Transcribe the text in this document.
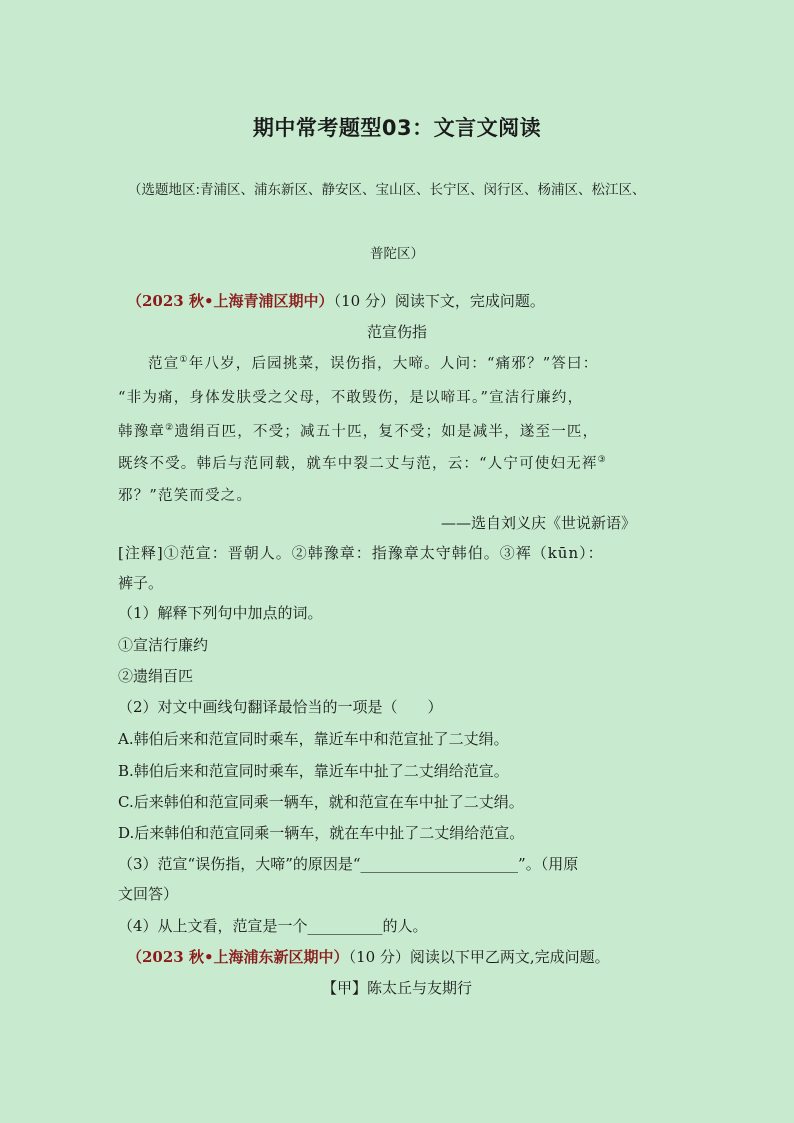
期中常考题型03：文言文阅读
（选题地区:青浦区、浦东新区、静安区、宝山区、长宁区、闵行区、杨浦区、松江区、
普陀区）
（2023 秋•上海青浦区期中）（10 分）阅读下文，完成问题。
范宣伤指
范宣①年八岁，后园挑菜，误伤指，大啼。人问：“痛邪？”答曰：
“非为痛，身体发肤受之父母，不敢毁伤，是以啼耳。”宣洁行廉约，
韩豫章②遗绢百匹，不受；减五十匹，复不受；如是减半，遂至一匹，
既终不受。韩后与范同载，就车中裂二丈与范，云：“人宁可使妇无裈③
邪？”范笑而受之。
——选自刘义庆《世说新语》
[注释]①范宣：晋朝人。②韩豫章：指豫章太守韩伯。③裈（kūn）：
裤子。
（1）解释下列句中加点的词。
①宣洁行廉约
②遗绢百匹
（2）对文中画线句翻译最恰当的一项是（　　）
A.韩伯后来和范宣同时乘车，靠近车中和范宣扯了二丈绢。
B.韩伯后来和范宣同时乘车，靠近车中扯了二丈绢给范宣。
C.后来韩伯和范宣同乘一辆车，就和范宣在车中扯了二丈绢。
D.后来韩伯和范宣同乘一辆车，就在车中扯了二丈绢给范宣。
（3）范宣“误伤指，大啼”的原因是“_____________________”。（用原
文回答）
（4）从上文看，范宣是一个__________的人。
（2023 秋•上海浦东新区期中）（10 分）阅读以下甲乙两文,完成问题。
【甲】陈太丘与友期行
